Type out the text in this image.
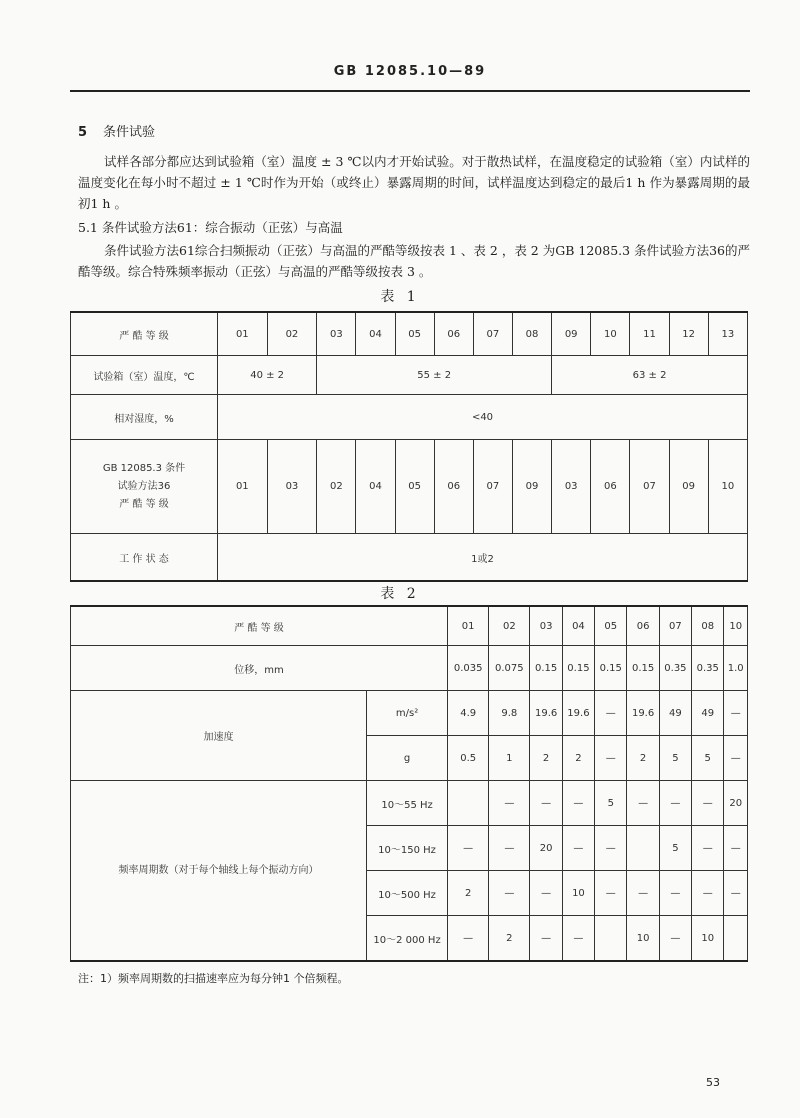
GB 12085.10—89
5 条件试验
试样各部分都应达到试验箱（室）温度 ± 3 ℃以内才开始试验。对于散热试样，在温度稳定的试验箱（室）内试样的温度变化在每小时不超过 ± 1 ℃时作为开始（或终止）暴露周期的时间，试样温度达到稳定的最后1 h 作为暴露周期的最初1 h 。
5.1 条件试验方法61：综合振动（正弦）与高温
条件试验方法61综合扫频振动（正弦）与高温的严酷等级按表 1 、表 2 ，表 2 为GB 12085.3 条件试验方法36的严酷等级。综合特殊频率振动（正弦）与高温的严酷等级按表 3 。
表 1
严 酷 等 级	01	02	03	04	05	06	07	08	09	10	11	12	13
试验箱（室）温度，℃	40 ± 2		55 ± 2						63 ± 2				
相对湿度，%	<40												

GB 12085.3 条件
试验方法36
严 酷 等 级	01	03	02	04	05	06	07	09	03	06	07	09	10
工 作 状 态	1或2												
表 2
严 酷 等 级		01	02	03	04	05	06	07	08	10
位移，mm		0.035	0.075	0.15	0.15	0.15	0.15	0.35	0.35	1.0
加速度	m/s²	4.9	9.8	19.6	19.6	—	19.6	49	49	—
	g	0.5	1	2	2	—	2	5	5	—
频率周期数（对于每个轴线上每个振动方向）	10～55 Hz		—	—	—	5	—	—	—	20
	10～150 Hz	—	—	20	—	—		5	—	—
	10～500 Hz	2	—	—	10	—	—	—	—	—
	10～2 000 Hz	—	2	—	—		10	—	10	
注：1）频率周期数的扫描速率应为每分钟1 个倍频程。
53
